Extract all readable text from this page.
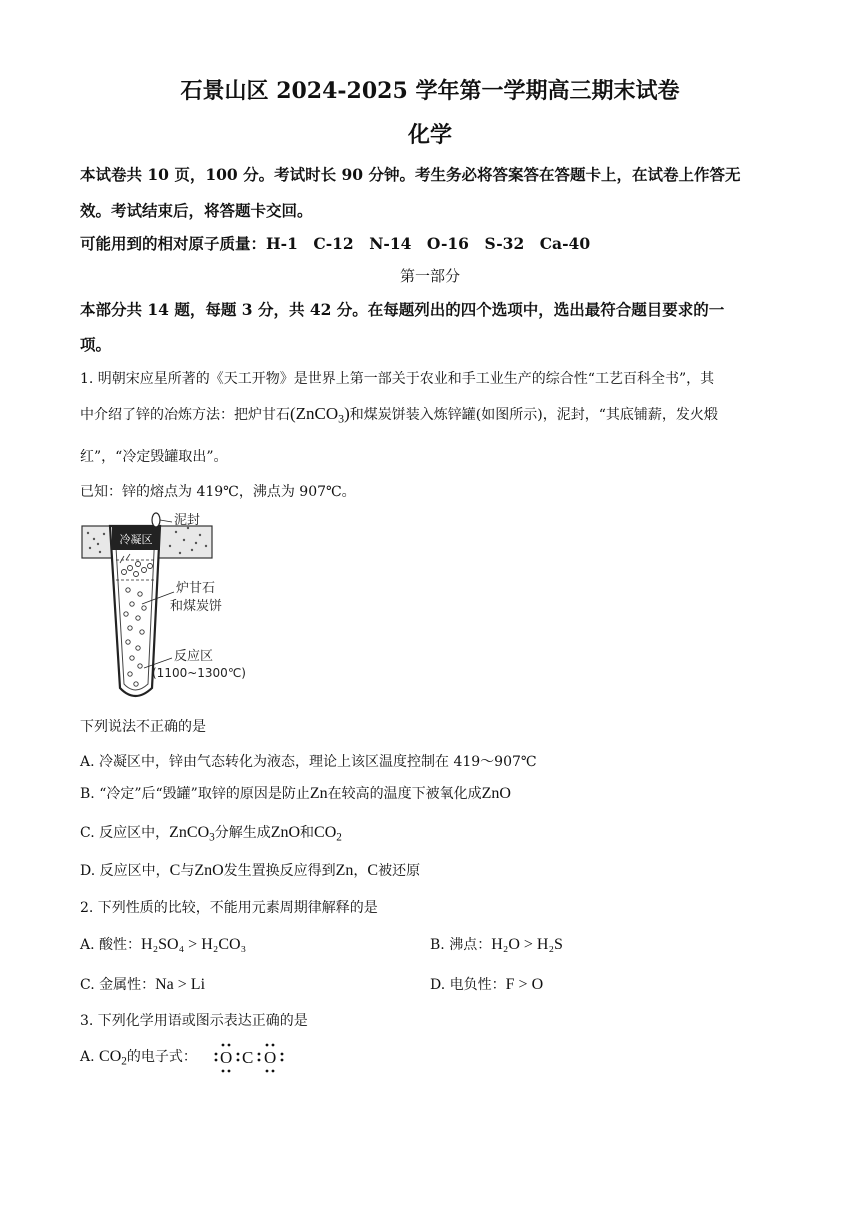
石景山区 2024-2025 学年第一学期高三期末试卷
化学
本试卷共 10 页，100 分。考试时长 90 分钟。考生务必将答案答在答题卡上，在试卷上作答无
效。考试结束后，将答题卡交回。
可能用到的相对原子质量：H-1　C-12　N-14　O-16　S-32　Ca-40
第一部分
本部分共 14 题，每题 3 分，共 42 分。在每题列出的四个选项中，选出最符合题目要求的一
项。
1. 明朝宋应星所著的《天工开物》是世界上第一部关于农业和手工业生产的综合性“工艺百科全书”，其
中介绍了锌的冶炼方法：把炉甘石(ZnCO$_3$)和煤炭饼装入炼锌罐(如图所示)，泥封，“其底铺薪，发火煅
红”，“冷定毁罐取出”。
已知：锌的熔点为 419℃，沸点为 907℃。
冷凝区
泥封
炉甘石
和煤炭饼
反应区
(1100~1300℃)
下列说法不正确的是
A. 冷凝区中，锌由气态转化为液态，理论上该区温度控制在 419～907℃
B. “冷定”后“毁罐”取锌的原因是防止Zn在较高的温度下被氧化成ZnO
C. 反应区中，ZnCO$_3$分解生成ZnO和$CO_2$
D. 反应区中，C与ZnO发生置换反应得到Zn，C被还原
2. 下列性质的比较，不能用元素周期律解释的是
A. 酸性：H₂SO₄ > H₂CO₃	B. 沸点：H₂O > H₂S
C. 金属性：Na > Li	D. 电负性：F > O
3. 下列化学用语或图示表达正确的是
A. $CO_2$的电子式： O C O
